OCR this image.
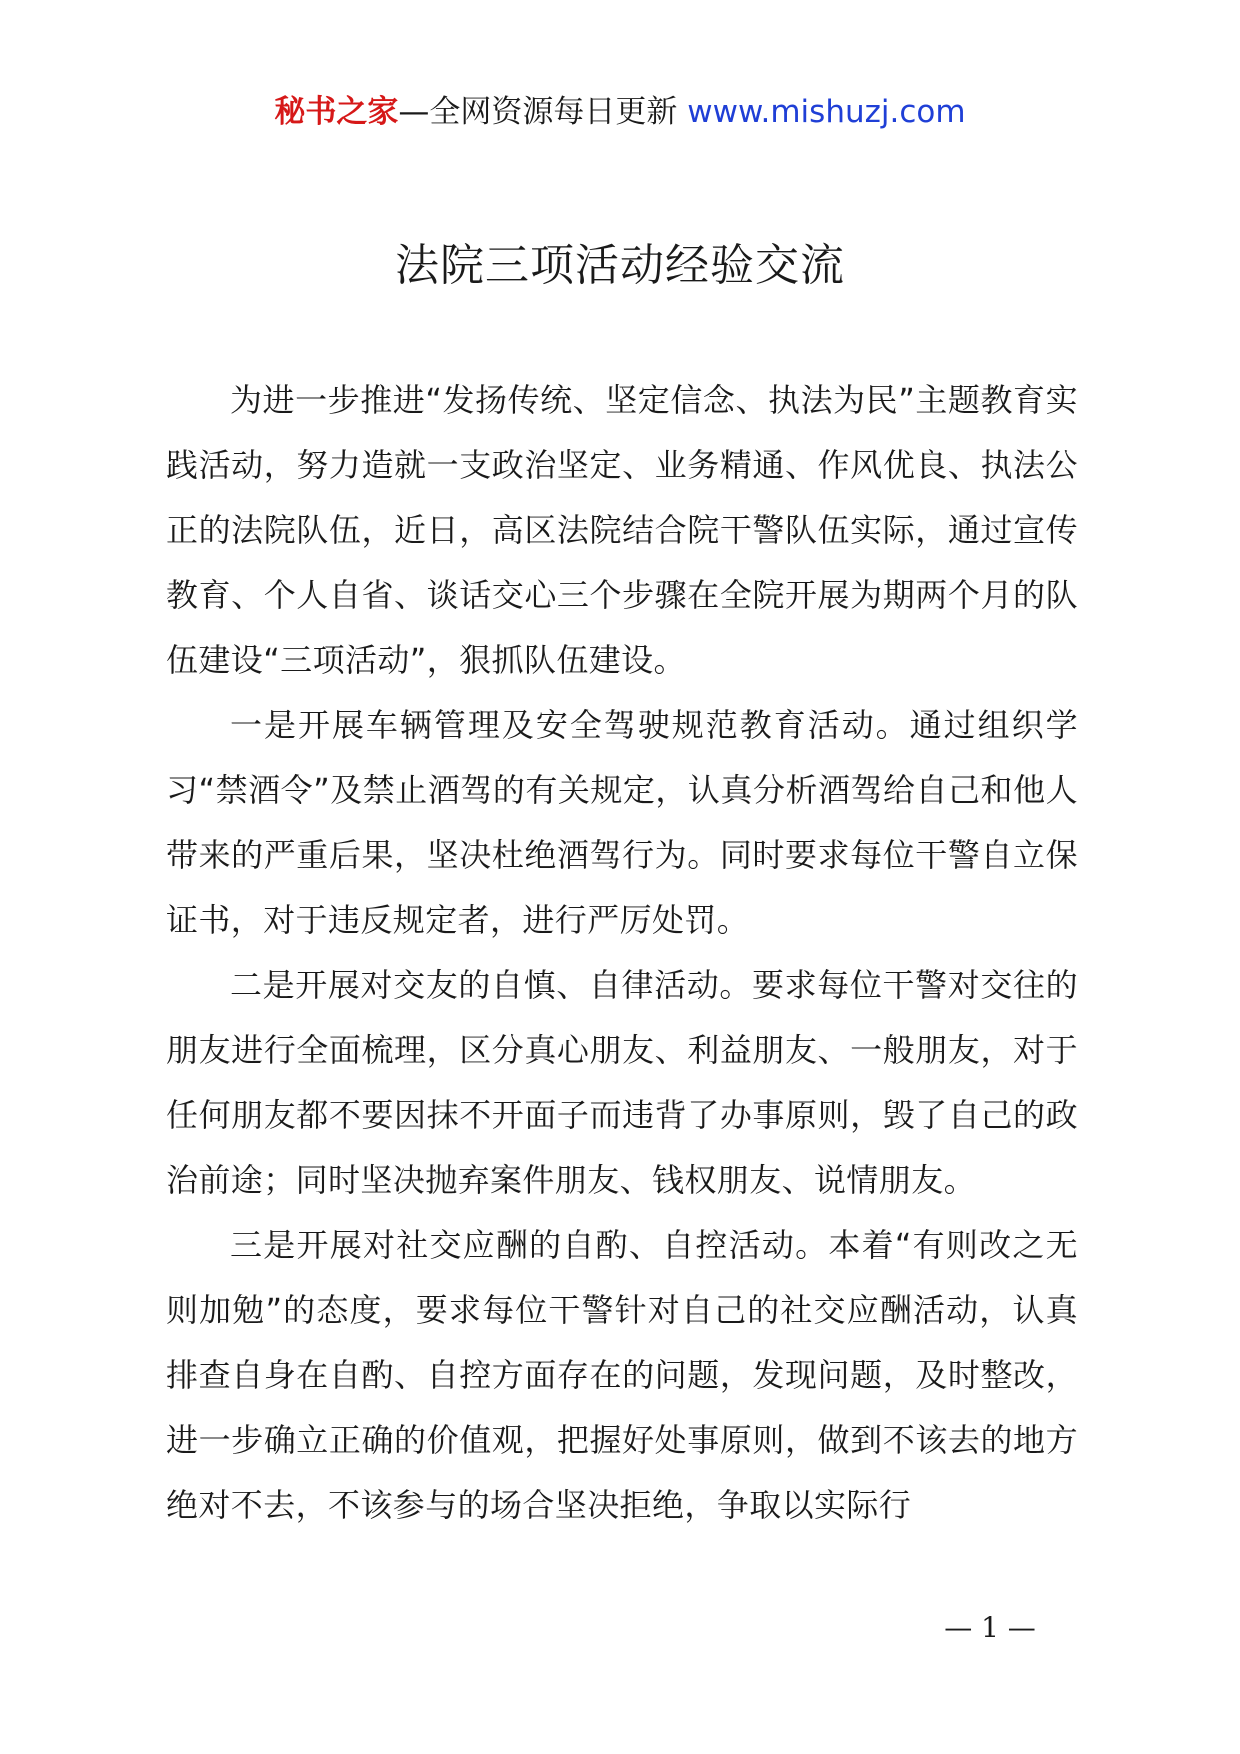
秘书之家—全网资源每日更新 www.mishuzj.com
法院三项活动经验交流

为进一步推进“发扬传统、坚定信念、执法为民”主题教育实践活动，努力造就一支政治坚定、业务精通、作风优良、执法公正的法院队伍，近日，高区法院结合院干警队伍实际，通过宣传教育、个人自省、谈话交心三个步骤在全院开展为期两个月的队伍建设“三项活动”，狠抓队伍建设。

一是开展车辆管理及安全驾驶规范教育活动。通过组织学习“禁酒令”及禁止酒驾的有关规定，认真分析酒驾给自己和他人带来的严重后果，坚决杜绝酒驾行为。同时要求每位干警自立保证书，对于违反规定者，进行严厉处罚。

二是开展对交友的自慎、自律活动。要求每位干警对交往的朋友进行全面梳理，区分真心朋友、利益朋友、一般朋友，对于任何朋友都不要因抹不开面子而违背了办事原则，毁了自己的政治前途；同时坚决抛弃案件朋友、钱权朋友、说情朋友。

三是开展对社交应酬的自酌、自控活动。本着“有则改之无则加勉”的态度，要求每位干警针对自己的社交应酬活动，认真排查自身在自酌、自控方面存在的问题，发现问题，及时整改，进一步确立正确的价值观，把握好处事原则，做到不该去的地方绝对不去，不该参与的场合坚决拒绝，争取以实际行

— 1 —
